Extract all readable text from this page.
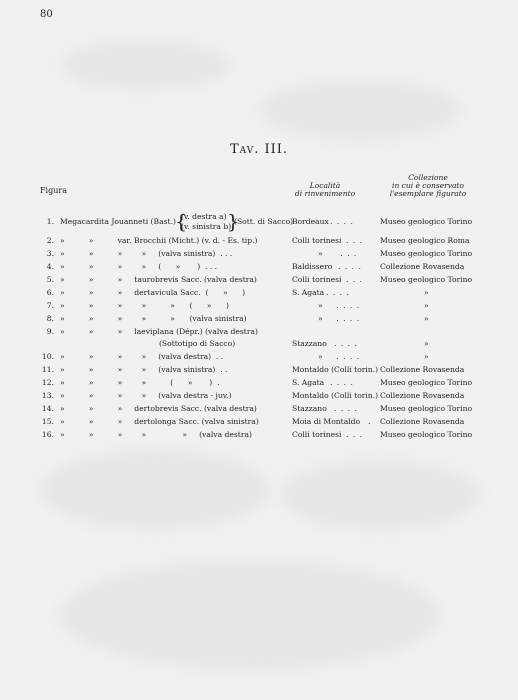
80
Tav. III.
Figura
Località
di rinvenimento
Collezione
in cui è conservato
l'esemplare figurato
1. Megacardita Jouanneti (Bast.) {
(v. destra a)
(v. sinistra b)
}
(Sott. di Sacco)
Bordeaux . . . .	Museo geologico Torino
2. »          »          var. Brocchii (Micht.) (v. d. - Es. tip.)	Colli torinesi . . . Museo geologico Roma
3. »          »          »        »     (valva sinistra)  . . .	» . . .	Museo geologico Torino
4. »          »          »        »     (      »       )  . . .	Baldissero . . . . Collezione Rovasenda
5. »          »          »     taurobrevis Sacc. (valva destra)	Colli torinesi . . . Museo geologico Torino
6. »          »          »     dertavicula Sacc.  (      »      )	S. Agata . . . .	»
7. »          »          »        »          »      (      »      )	» . . . .	»
8. »          »          »        »          »      (valva sinistra)	» . . . .	»
9. »          »          »     laeviplana (Dépr.) (valva destra)
(Sottotipo di Sacco)	Stazzano . . . .	»
10. »          »          »        »     (valva destra)  . .	» . . . .	»
11. »          »          »        »     (valva sinistra)  . .	Montaldo (Colli torin.) Collezione Rovasenda
12. »          »          »        »          (      »       )  .	S. Agata . . . .	Museo geologico Torino
13. »          »          »        »     (valva destra - juv.)	Montaldo (Colli torin.) Collezione Rovasenda
14. »          »          »     dertobrevis Sacc. (valva destra)	Stazzano . . . .	Museo geologico Torino
15. »          »          »     dertolonga Sacc. (valva sinistra)	Moia di Montaldo . Collezione Rovasenda
16. »          »          »        »               »     (valva destra)	Colli torinesi . . . Museo geologico Torino
